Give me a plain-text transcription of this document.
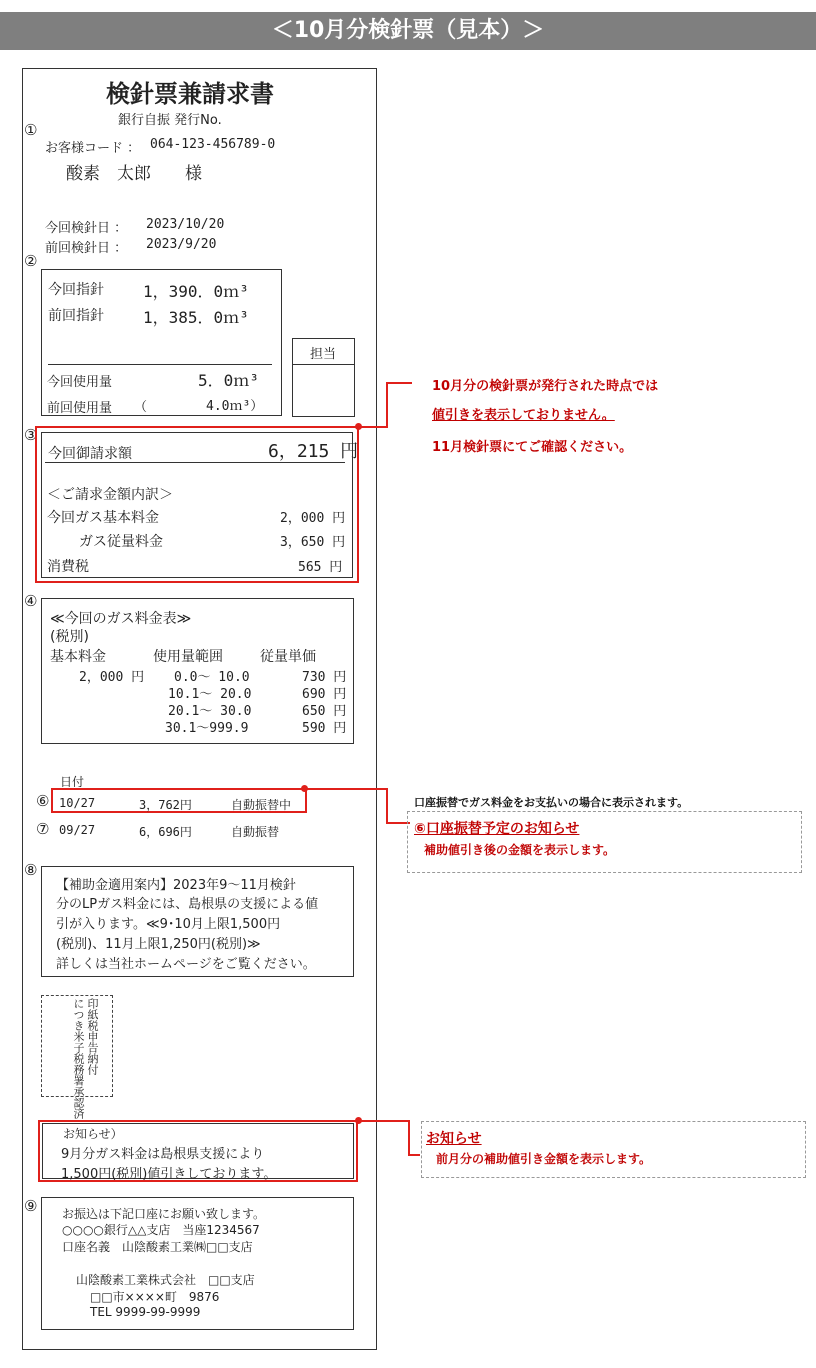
＜10月分検針票（見本）＞
検針票兼請求書
銀行自振 発行No.
①
お客様コード ： 064-123-456789-0
酸素　太郎　　様
今回検針日 ： 2023/10/20
前回検針日 ： 2023/9/20
②
今回指針 1，390．0ｍ³
前回指針 1，385．0ｍ³
今回使用量	5．0ｍ³
前回使用量 （	4.0ｍ³）
担当
③
今回御請求額	6，215 円
＜ご請求金額内訳＞
今回ガス基本料金	2，000 円
ガス従量料金	3，650 円
消費税	565 円
④
≪今回のガス料金表≫
(税別)
基本料金	使用量範囲	従量単価
2，000 円 0.0～ 10.0	730 円
10.1～ 20.0	690 円
20.1～ 30.0	650 円
30.1～999.9	590 円
日付
⑥ 10/27	3，762円	自動振替中
⑦ 09/27	6，696円	自動振替
⑧
【補助金適用案内】2023年9～11月検針
分のLPガス料金には、島根県の支援による値
引が入ります。≪9･10月上限1,500円
(税別)、11月上限1,250円(税別)≫
詳しくは当社ホームページをご覧ください。
印紙税申告納付
につき米子税務署承認済
お知らせ）
9月分ガス料金は島根県支援により
1,500円(税別)値引きしております。
⑨ お振込は下記口座にお願い致します。
○○○○銀行△△支店　当座1234567
口座名義　山陰酸素工業㈱□□支店
山陰酸素工業株式会社　□□支店
□□市××××町　9876
TEL 9999-99-9999
10月分の検針票が発行された時点では
値引きを表示しておりません。
11月検針票にてご確認ください。
口座振替でガス料金をお支払いの場合に表示されます。
⑥口座振替予定のお知らせ
補助値引き後の金額を表示します。
お知らせ
前月分の補助値引き金額を表示します。
